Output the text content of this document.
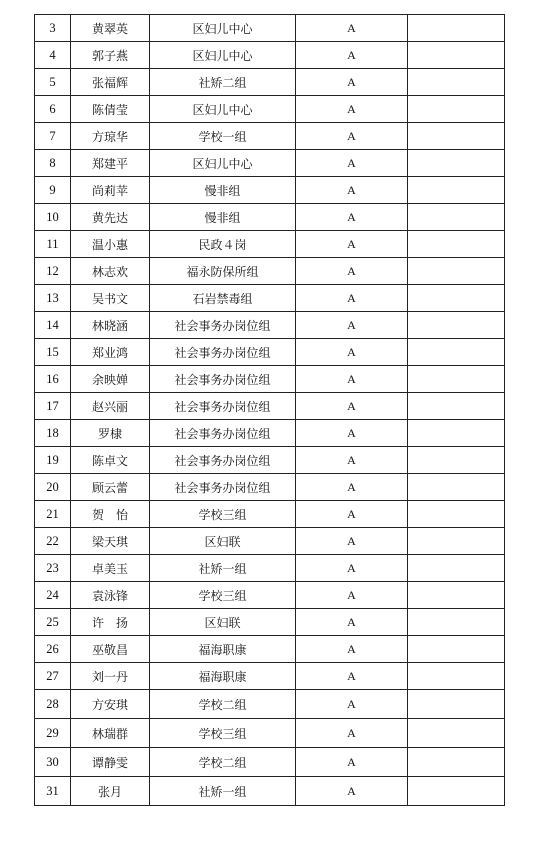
3	黄翠英	区妇儿中心	A	
4	郭子燕	区妇儿中心	A	
5	张福辉	社矫二组	A	
6	陈倩莹	区妇儿中心	A	
7	方琼华	学校一组	A	
8	郑建平	区妇儿中心	A	
9	尚莉苹	慢非组	A	
10	黄先达	慢非组	A	
11	温小惠	民政４岗	A	
12	林志欢	福永防保所组	A	
13	吴书文	石岩禁毒组	A	
14	林晓涵	社会事务办岗位组	A	
15	郑业鸿	社会事务办岗位组	A	
16	余映婵	社会事务办岗位组	A	
17	赵兴丽	社会事务办岗位组	A	
18	罗棣	社会事务办岗位组	A	
19	陈卓文	社会事务办岗位组	A	
20	顾云蕾	社会事务办岗位组	A	
21	贺　怡	学校三组	A	
22	梁天琪	区妇联	A	
23	卓美玉	社矫一组	A	
24	袁泳锋	学校三组	A	
25	许　扬	区妇联	A	
26	巫敬昌	福海职康	A	
27	刘一丹	福海职康	A	
28	方安琪	学校二组	A	
29	林瑞群	学校三组	A	
30	谭静雯	学校二组	A	
31	张月	社矫一组	A	
